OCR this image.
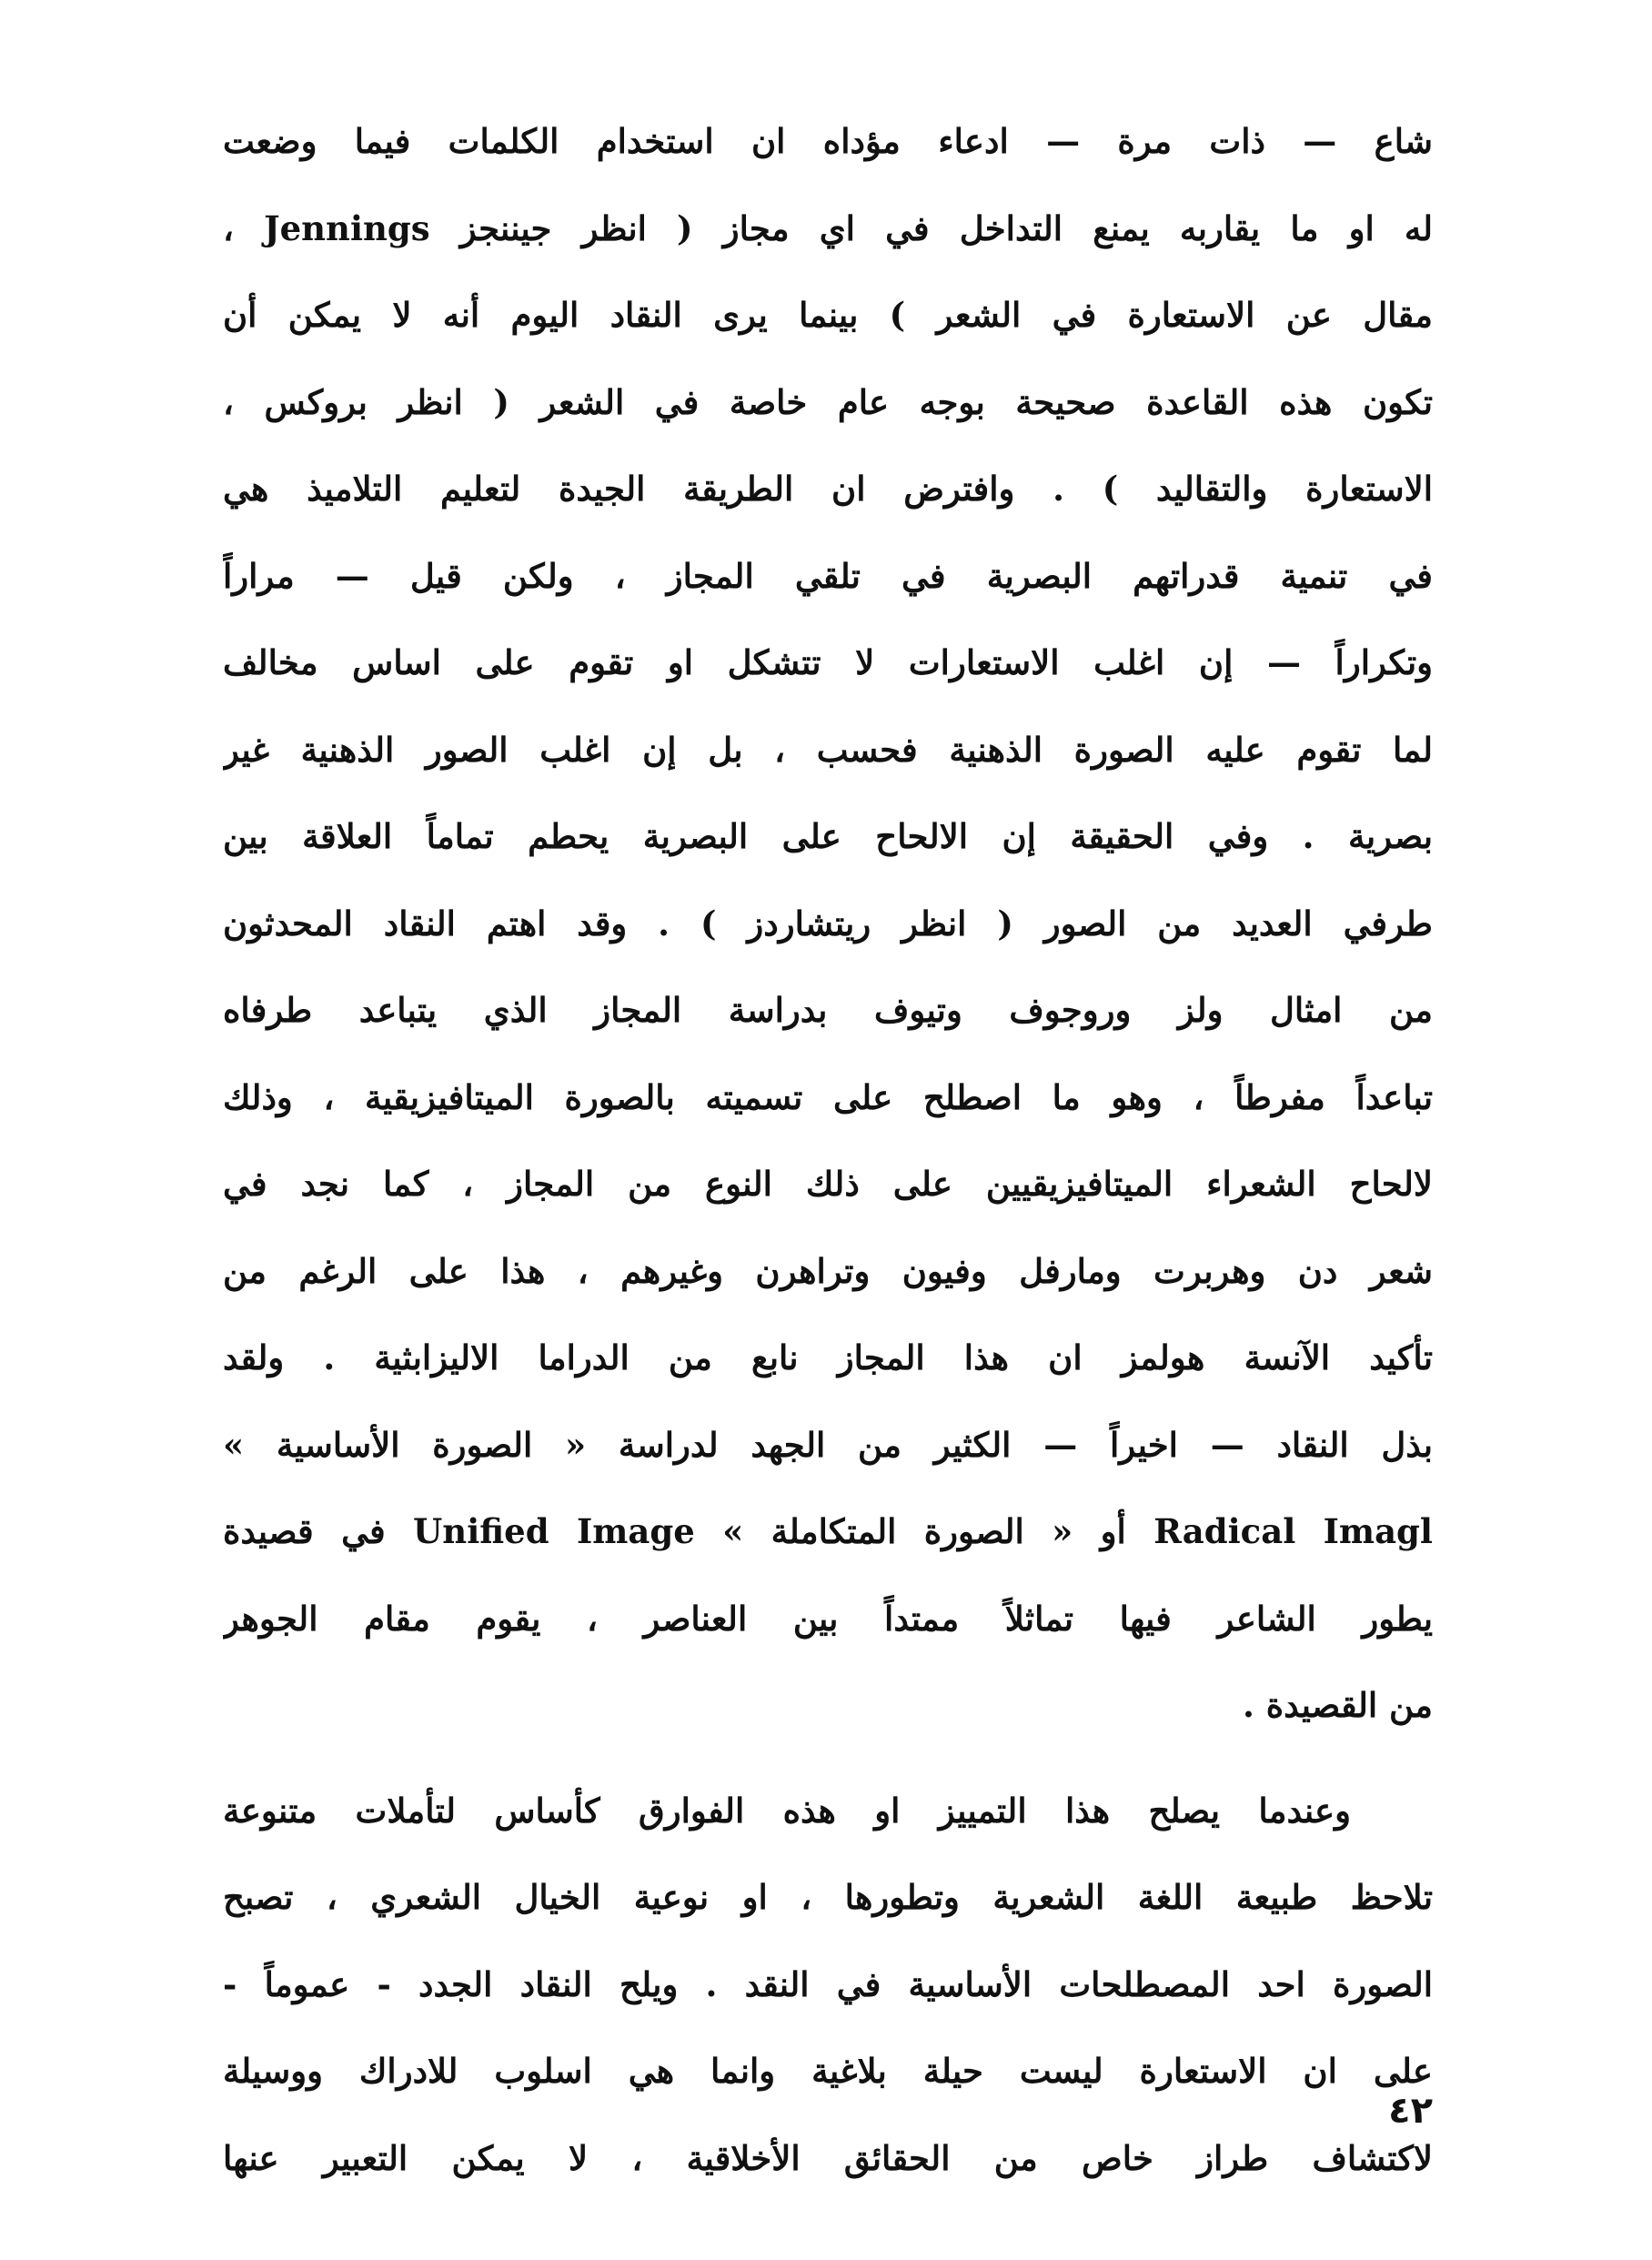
شاع — ذات مرة — ادعاء مؤداه ان استخدام الكلمات فيما وضعت
له او ما يقاربه يمنع التداخل في اي مجاز ( انظر جيننجز Jennings ،
مقال عن الاستعارة في الشعر ) بينما يرى النقاد اليوم أنه لا يمكن أن
تكون هذه القاعدة صحيحة بوجه عام خاصة في الشعر ( انظر بروكس ،
الاستعارة والتقاليد ) . وافترض ان الطريقة الجيدة لتعليم التلاميذ هي
في تنمية قدراتهم البصرية في تلقي المجاز ، ولكن قيل — مراراً
وتكراراً — إن اغلب الاستعارات لا تتشكل او تقوم على اساس مخالف
لما تقوم عليه الصورة الذهنية فحسب ، بل إن اغلب الصور الذهنية غير
بصرية . وفي الحقيقة إن الالحاح على البصرية يحطم تماماً العلاقة بين
طرفي العديد من الصور ( انظر ريتشاردز ) . وقد اهتم النقاد المحدثون
من امثال ولز وروجوف وتيوف بدراسة المجاز الذي يتباعد طرفاه
تباعداً مفرطاً ، وهو ما اصطلح على تسميته بالصورة الميتافيزيقية ، وذلك
لالحاح الشعراء الميتافيزيقيين على ذلك النوع من المجاز ، كما نجد في
شعر دن وهربرت ومارفل وفيون وتراهرن وغيرهم ، هذا على الرغم من
تأكيد الآنسة هولمز ان هذا المجاز نابع من الدراما الاليزابثية . ولقد
بذل النقاد — اخيراً — الكثير من الجهد لدراسة « الصورة الأساسية »
Radical Imagl أو « الصورة المتكاملة » Unified Image في قصيدة
يطور الشاعر فيها تماثلاً ممتداً بين العناصر ، يقوم مقام الجوهر
من القصيدة .
وعندما يصلح هذا التمييز او هذه الفوارق كأساس لتأملات متنوعة
تلاحظ طبيعة اللغة الشعرية وتطورها ، او نوعية الخيال الشعري ، تصبح
الصورة احد المصطلحات الأساسية في النقد . ويلح النقاد الجدد - عموماً -
على ان الاستعارة ليست حيلة بلاغية وانما هي اسلوب للادراك ووسيلة
لاكتشاف طراز خاص من الحقائق الأخلاقية ، لا يمكن التعبير عنها
٤٢
